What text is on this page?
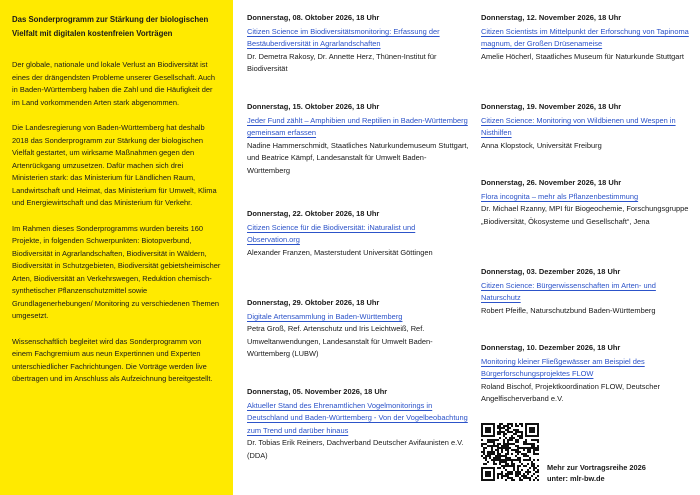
Das Sonderprogramm zur Stärkung der biologischen Vielfalt mit digitalen kostenfreien Vorträgen

Der globale, nationale und lokale Verlust an Biodiversität ist eines der drängendsten Probleme unserer Gesellschaft. Auch in Baden-Württemberg haben die Zahl und die Häufigkeit der im Land vorkommenden Arten stark abgenommen.

Die Landesregierung von Baden-Württemberg hat deshalb 2018 das Sonderprogramm zur Stärkung der biologischen Vielfalt gestartet, um wirksame Maßnahmen gegen den Artenrückgang umzusetzen. Dafür machen sich drei Ministerien stark: das Ministerium für Ländlichen Raum, Landwirtschaft und Heimat, das Ministerium für Umwelt, Klima und Energiewirtschaft und das Ministerium für Verkehr.

Im Rahmen dieses Sonderprogramms wurden bereits 160 Projekte, in folgenden Schwerpunkten: Biotopverbund, Biodiversität in Agrarlandschaften, Biodiversität in Wäldern, Biodiversität in Schutzgebieten, Biodiversität gebietsheimischer Arten, Biodiversität an Verkehrswegen, Reduktion chemisch-synthetischer Pflanzenschutzmittel sowie Grundlagenerhebungen/ Monitoring zu verschiedenen Themen umgesetzt.

Wissenschaftlich begleitet wird das Sonderprogramm von einem Fachgremium aus neun Expertinnen und Experten unterschiedlicher Fachrichtungen. Die Vorträge werden live übertragen und im Anschluss als Aufzeichnung bereitgestellt.

Donnerstag, 08. Oktober 2026, 18 Uhr
Citizen Science im Biodiversitätsmonitoring: Erfassung der Bestäuberdiversität in Agrarlandschaften
Dr. Demetra Rakosy, Dr. Annette Herz, Thünen-Institut für Biodiversität
Donnerstag, 15. Oktober 2026, 18 Uhr
Jeder Fund zählt – Amphibien und Reptilien in Baden-Württemberg gemeinsam erfassen
Nadine Hammerschmidt, Staatliches Naturkundemuseum Stuttgart, und Beatrice Kämpf, Landesanstalt für Umwelt Baden-Württemberg
Donnerstag, 22. Oktober 2026, 18 Uhr
Citizen Science für die Biodiversität: iNaturalist und Observation.org
Alexander Franzen, Masterstudent Universität Göttingen
Donnerstag, 29. Oktober 2026, 18 Uhr
Digitale Artensammlung in Baden-Württemberg
Petra Groß, Ref. Artenschutz und Iris Leichtweiß, Ref. Umweltanwendungen, Landesanstalt für Umwelt Baden-Württemberg (LUBW)
Donnerstag, 05. November 2026, 18 Uhr
Aktueller Stand des Ehrenamtlichen Vogelmonitorings in Deutschland und Baden-Württemberg - Von der Vogelbeobachtung zum Trend und darüber hinaus
Dr. Tobias Erik Reiners, Dachverband Deutscher Avifaunisten e.V. (DDA)
Donnerstag, 12. November 2026, 18 Uhr
Citizen Scientists im Mittelpunkt der Erforschung von Tapinoma magnum, der Großen Drüsenameise
Amelie Höcherl, Staatliches Museum für Naturkunde Stuttgart
Donnerstag, 19. November 2026, 18 Uhr
Citizen Science: Monitoring von Wildbienen und Wespen in Nisthilfen
Anna Klopstock, Universität Freiburg
Donnerstag, 26. November 2026, 18 Uhr
Flora incognita – mehr als Pflanzenbestimmung
Dr. Michael Rzanny, MPI für Biogeochemie, Forschungsgruppe „Biodiversität, Ökosysteme und Gesellschaft“, Jena
Donnerstag, 03. Dezember 2026, 18 Uhr
Citizen Science: Bürgerwissenschaften im Arten- und Naturschutz
Robert Pfeifle, Naturschutzbund Baden-Württemberg
Donnerstag, 10. Dezember 2026, 18 Uhr
Monitoring kleiner Fließgewässer am Beispiel des Bürgerforschungsprojektes FLOW
Roland Bischof, Projektkoordination FLOW, Deutscher Angelfischerverband e.V.
Mehr zur Vortragsreihe 2026
unter: mlr-bw.de
